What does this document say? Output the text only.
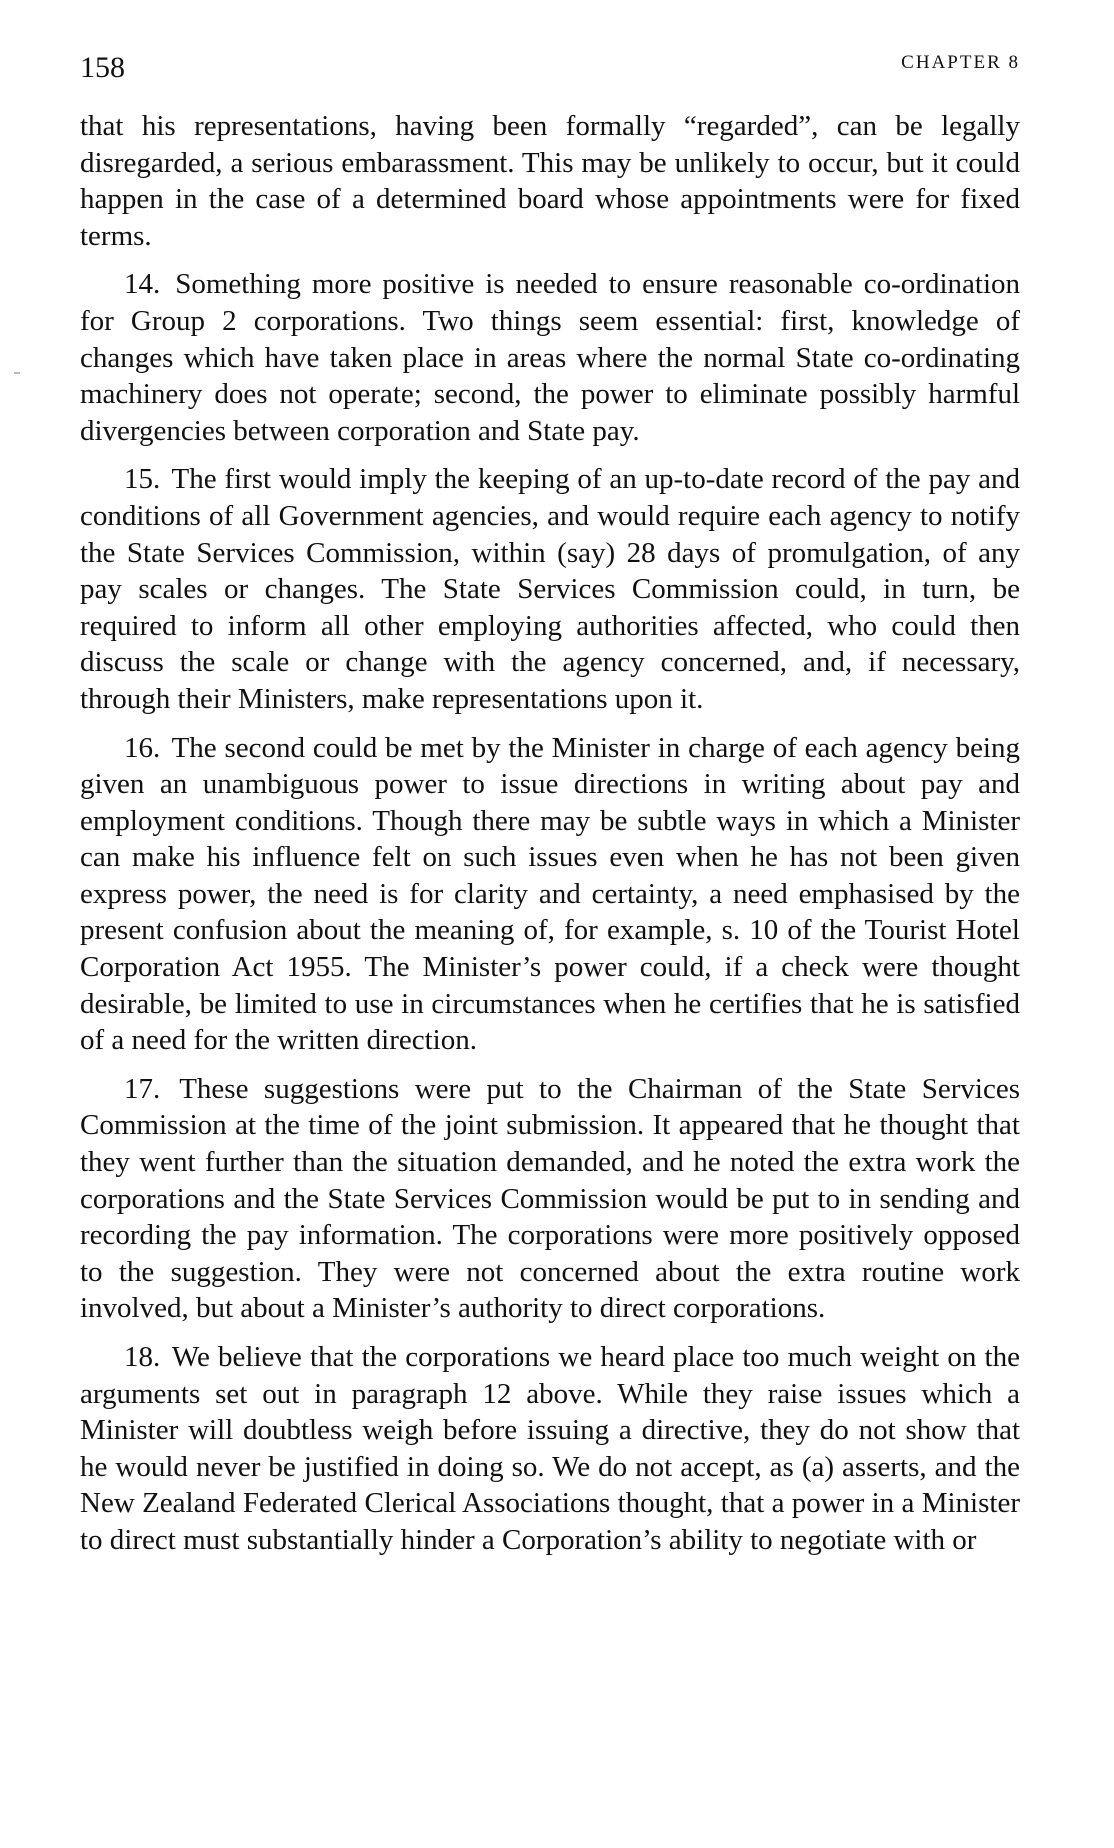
158	CHAPTER 8

that his representations, having been formally “regarded”, can be legally disregarded, a serious embarassment. This may be unlikely to occur, but it could happen in the case of a determined board whose appointments were for fixed terms.

14. Something more positive is needed to ensure reasonable co-ordination for Group 2 corporations. Two things seem essential: first, knowledge of changes which have taken place in areas where the normal State co-ordinating machinery does not operate; second, the power to eliminate possibly harmful divergencies between corporation and State pay.

15. The first would imply the keeping of an up-to-date record of the pay and conditions of all Government agencies, and would require each agency to notify the State Services Commission, within (say) 28 days of promulgation, of any pay scales or changes. The State Services Commission could, in turn, be required to inform all other employing authorities affected, who could then discuss the scale or change with the agency concerned, and, if necessary, through their Ministers, make representations upon it.

16. The second could be met by the Minister in charge of each agency being given an unambiguous power to issue directions in writing about pay and employment conditions. Though there may be subtle ways in which a Minister can make his influence felt on such issues even when he has not been given express power, the need is for clarity and certainty, a need emphasised by the present confusion about the meaning of, for example, s. 10 of the Tourist Hotel Corporation Act 1955. The Minister’s power could, if a check were thought desirable, be limited to use in circumstances when he certifies that he is satisfied of a need for the written direction.

17. These suggestions were put to the Chairman of the State Services Commission at the time of the joint submission. It appeared that he thought that they went further than the situation demanded, and he noted the extra work the corporations and the State Services Commission would be put to in sending and recording the pay information. The corporations were more positively opposed to the suggestion. They were not concerned about the extra routine work involved, but about a Minister’s authority to direct corporations.

18. We believe that the corporations we heard place too much weight on the arguments set out in paragraph 12 above. While they raise issues which a Minister will doubtless weigh before issuing a directive, they do not show that he would never be justified in doing so. We do not accept, as (a) asserts, and the New Zealand Federated Clerical Associations thought, that a power in a Minister to direct must substantially hinder a Corporation’s ability to negotiate with or
